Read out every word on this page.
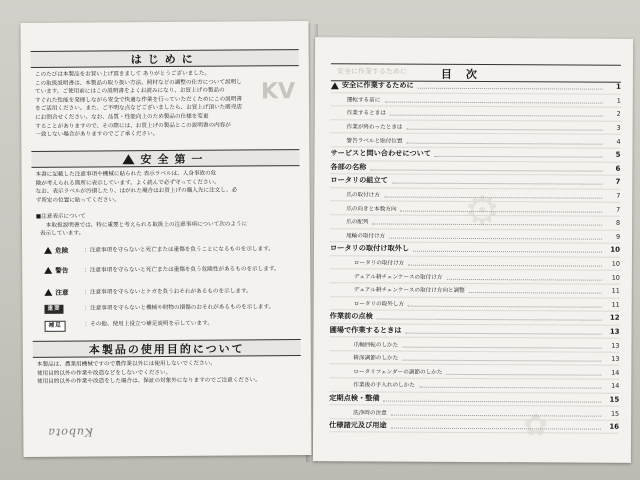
KV
はじめに
このたびは本製品をお買い上げ頂きまして ありがとうございました。
この取扱説明書は、本製品の取り扱い方法、照材などの調整の仕方について説明し
ています。ご使用前にはこの説明書をよくお読みになり、お買上げの製品の
すぐれた性能を発揮しながら安全で快適な作業を行っていただくためにこの説明書
をご活用ください。また、ご不明な点などございましたら、お買上げ頂いた販売店
にお問合せください。なお、品質・性能向上のため製品の仕様を変更
することがありますので、その際には、お買上げの製品とこの説明書の内容が
一致しない場合がありますのでご了承ください。
安全第一
本書に記載した注意事項や機械に貼られた 表示ラベルは、人身事故の危
険が考えられる箇所に表示しています。よく読んで必ず守ってください。
なお、表示ラベルが汚損したり、はがれた場合はお買上げの購入先に注文し、必
ず所定の位置に貼ってください。
■注意表示について
本取扱説明書では、特に重要と考えられる取扱上の注意事項について次のように
表示しています。
危険	：注意事項を守らないと死亡または重傷を負うことになるものを示します。
警告	：注意事項を守らないと死亡または重傷を負う危険性があるものを示します。
注意	：注意事項を守らないとケガを負うおそれがあるものを示します。
重要	：注意事項を守らないと機械や財物の損傷のおそれがあるものを示します。
補足	：その他、使用上役立つ補足説明を示しています。
本製品の使用目的について
本製品は、農業用機械ですので農作業以外には使用しないでください。
使用目的以外の作業や改造などをしないでください。
使用目的以外の作業や改造をした場合は、保証の対象外になりますのでご注意ください。
Kubota
⚙
✿
安全に作業するために	目次
安全に作業するために	1
運転する前に	1
作業するときは	2
作業が終わったときは	3
警告ラベルと貼付位置	4
サービスと問い合わせについて	5
各部の名称	6
ロータリの組立て	7
爪の取付け方	7
爪の向きと本数方向	7
爪の配列	8
尾輪の取付け方	9
ロータリの取付け取外し	10
ロータリの取付け方	10
デュアル耕チェンケースの取付け方	10
デュアル耕チェンケースの取付け方向と調整	11
ロータリの取外し方	11
作業前の点検	12
圃場で作業するときは	13
爪軸回転のしかた	13
耕深調節のしかた	13
ロータリフェンダーの調節のしかた	14
作業後の手入れのしかた	14
定期点検・整備	15
洗浄時の注意	15
仕様諸元及び用途	16
